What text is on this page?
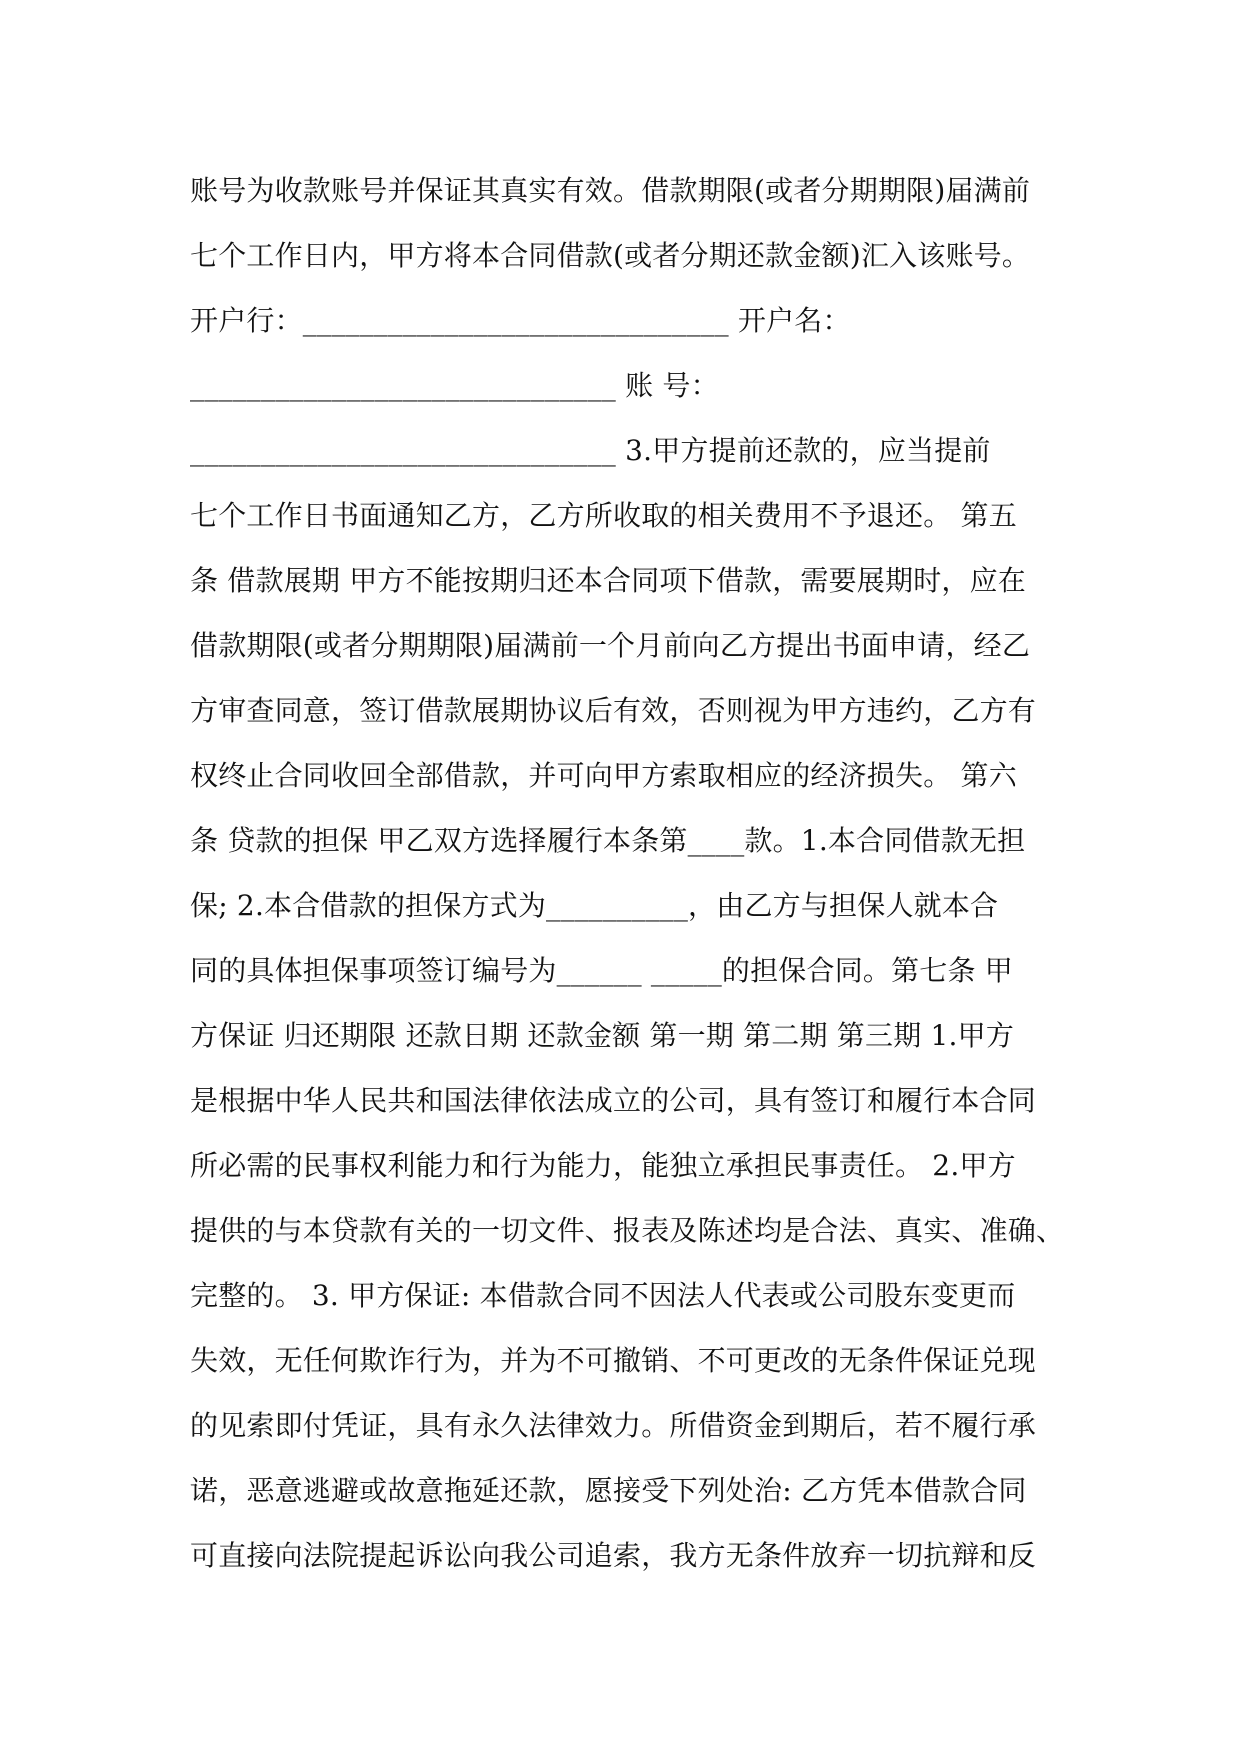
账号为收款账号并保证其真实有效。借款期限(或者分期期限)届满前
七个工作日内，甲方将本合同借款(或者分期还款金额)汇入该账号。
开户行：______________________________ 开户名：
______________________________ 账 号：
______________________________ 3.甲方提前还款的，应当提前
七个工作日书面通知乙方，乙方所收取的相关费用不予退还。 第五
条 借款展期 甲方不能按期归还本合同项下借款，需要展期时，应在
借款期限(或者分期期限)届满前一个月前向乙方提出书面申请，经乙
方审查同意，签订借款展期协议后有效，否则视为甲方违约，乙方有
权终止合同收回全部借款，并可向甲方索取相应的经济损失。 第六
条 贷款的担保 甲乙双方选择履行本条第____款。1.本合同借款无担
保; 2.本合借款的担保方式为__________，由乙方与担保人就本合
同的具体担保事项签订编号为______ _____的担保合同。第七条 甲
方保证 归还期限 还款日期 还款金额 第一期 第二期 第三期 1.甲方
是根据中华人民共和国法律依法成立的公司，具有签订和履行本合同
所必需的民事权利能力和行为能力，能独立承担民事责任。 2.甲方
提供的与本贷款有关的一切文件、报表及陈述均是合法、真实、准确、
完整的。 3. 甲方保证: 本借款合同不因法人代表或公司股东变更而
失效，无任何欺诈行为，并为不可撤销、不可更改的无条件保证兑现
的见索即付凭证，具有永久法律效力。所借资金到期后，若不履行承
诺，恶意逃避或故意拖延还款，愿接受下列处治: 乙方凭本借款合同
可直接向法院提起诉讼向我公司追索，我方无条件放弃一切抗辩和反
